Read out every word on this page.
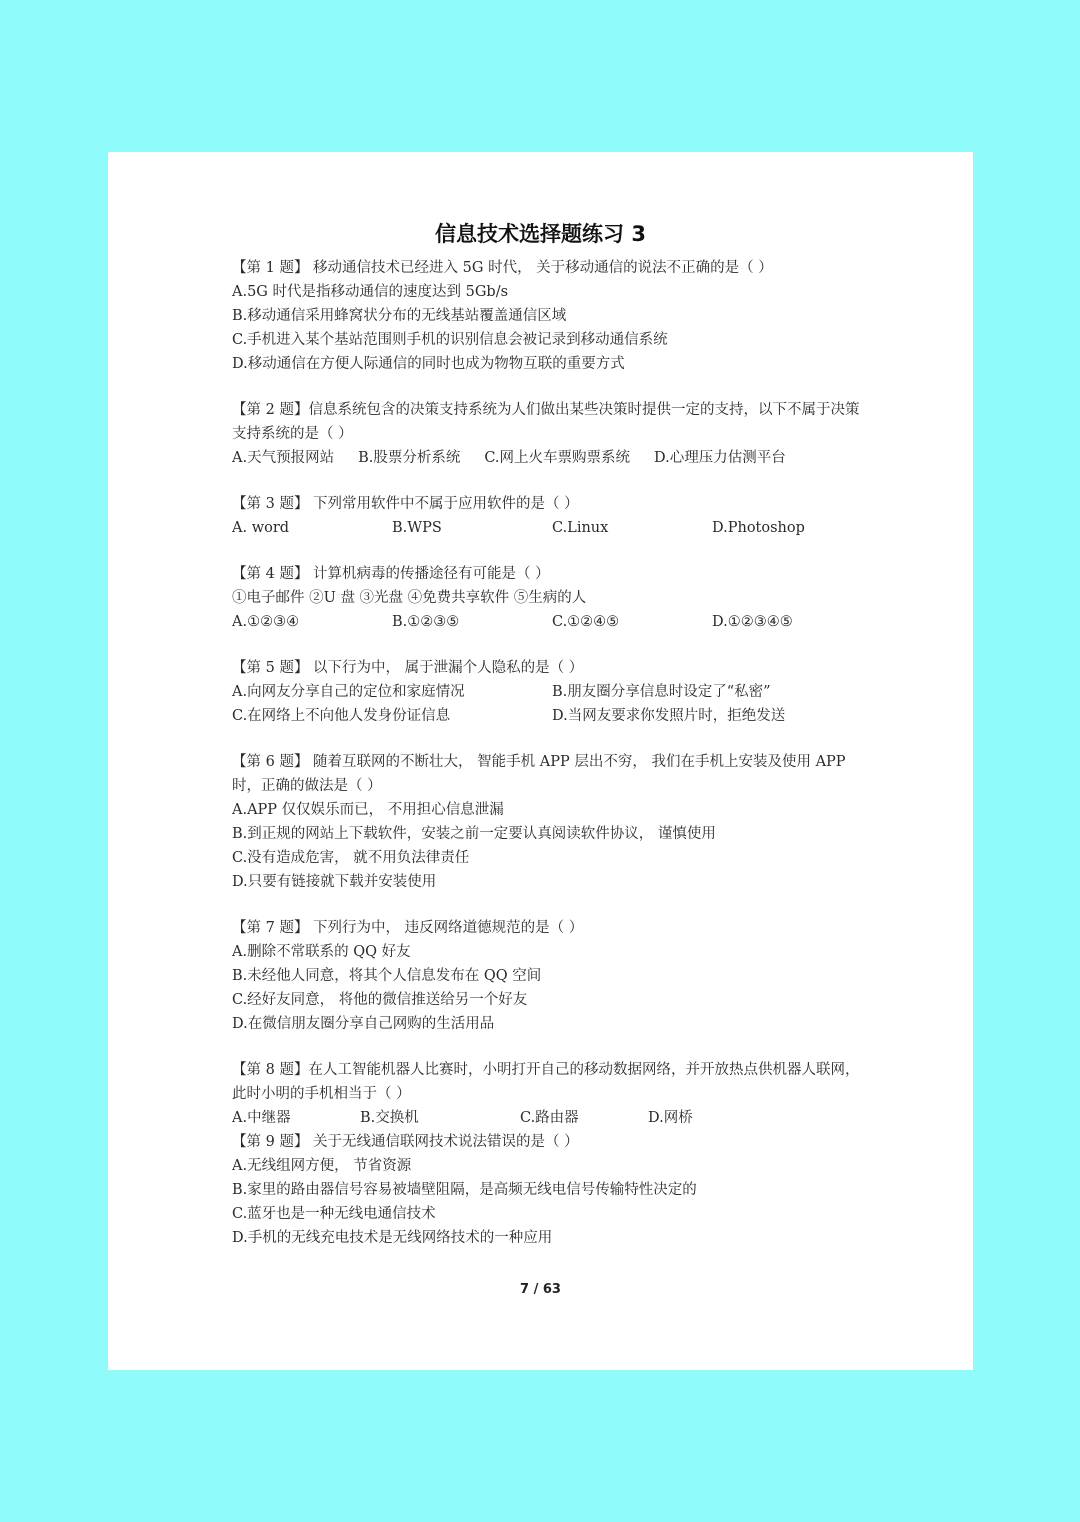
信息技术选择题练习 3

【第 1 题】 移动通信技术已经进入 5G 时代， 关于移动通信的说法不正确的是（ ）

A.5G 时代是指移动通信的速度达到 5Gb/s

B.移动通信采用蜂窝状分布的无线基站覆盖通信区域

C.手机进入某个基站范围则手机的识别信息会被记录到移动通信系统

D.移动通信在方便人际通信的同时也成为物物互联的重要方式

【第 2 题】信息系统包含的决策支持系统为人们做出某些决策时提供一定的支持，以下不属于决策支持系统的是（ ）

A.天气预报网站 B.股票分析系统 C.网上火车票购票系统 D.心理压力估测平台

【第 3 题】 下列常用软件中不属于应用软件的是（ ）

A. word	B.WPS	C.Linux	D.Photoshop

【第 4 题】 计算机病毒的传播途径有可能是（ ）

①电子邮件 ②U 盘 ③光盘 ④免费共享软件 ⑤生病的人

A.①②③④	B.①②③⑤	C.①②④⑤	D.①②③④⑤

【第 5 题】 以下行为中， 属于泄漏个人隐私的是（ ）

A.向网友分享自己的定位和家庭情况	B.朋友圈分享信息时设定了“私密”
C.在网络上不向他人发身份证信息	D.当网友要求你发照片时，拒绝发送

【第 6 题】 随着互联网的不断壮大， 智能手机 APP 层出不穷， 我们在手机上安装及使用 APP 时，正确的做法是（ ）

A.APP 仅仅娱乐而已， 不用担心信息泄漏

B.到正规的网站上下载软件，安装之前一定要认真阅读软件协议， 谨慎使用

C.没有造成危害， 就不用负法律责任

D.只要有链接就下载并安装使用

【第 7 题】 下列行为中， 违反网络道德规范的是（ ）

A.删除不常联系的 QQ 好友

B.未经他人同意，将其个人信息发布在 QQ 空间

C.经好友同意， 将他的微信推送给另一个好友

D.在微信朋友圈分享自己网购的生活用品

【第 8 题】在人工智能机器人比赛时，小明打开自己的移动数据网络，并开放热点供机器人联网， 此时小明的手机相当于（ ）

A.中继器	B.交换机	C.路由器	D.网桥

【第 9 题】 关于无线通信联网技术说法错误的是（ ）

A.无线组网方便， 节省资源

B.家里的路由器信号容易被墙壁阻隔，是高频无线电信号传输特性决定的

C.蓝牙也是一种无线电通信技术

D.手机的无线充电技术是无线网络技术的一种应用

7 / 63
